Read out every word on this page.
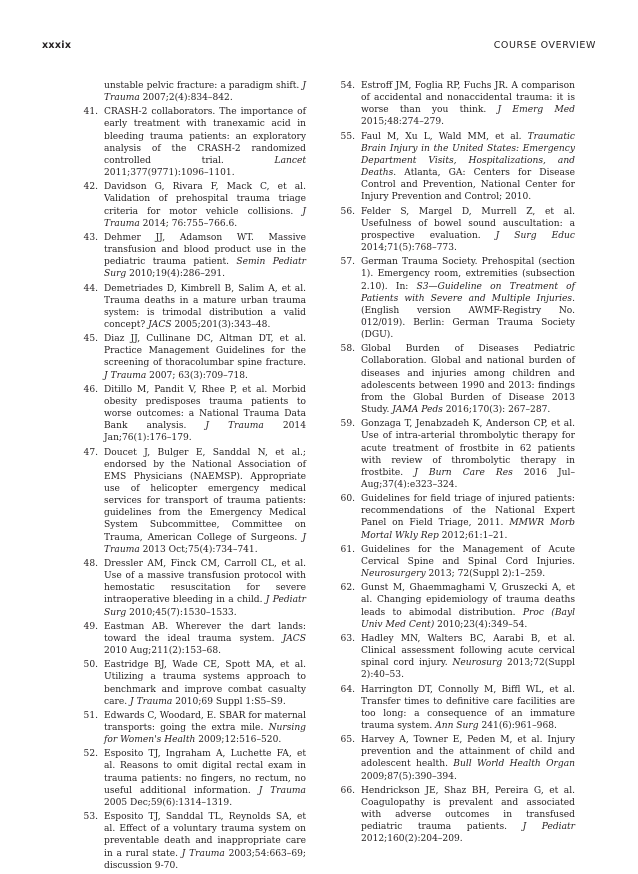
xxxix	COURSE OVERVIEW
unstable pelvic fracture: a paradigm shift. J Trauma 2007;2(4):834–842.
41. CRASH-2 collaborators. The importance of early treatment with tranexamic acid in bleeding trauma patients: an exploratory analysis of the CRASH-2 randomized controlled trial. Lancet 2011;377(9771):1096–1101.
42. Davidson G, Rivara F, Mack C, et al. Validation of prehospital trauma triage criteria for motor vehicle collisions. J Trauma 2014; 76:755–766.6.
43. Dehmer JJ, Adamson WT. Massive transfusion and blood product use in the pediatric trauma patient. Semin Pediatr Surg 2010;19(4):286–291.
44. Demetriades D, Kimbrell B, Salim A, et al. Trauma deaths in a mature urban trauma system: is trimodal distribution a valid concept? JACS 2005;201(3):343–48.
45. Diaz JJ, Cullinane DC, Altman DT, et al. Practice Management Guidelines for the screening of thoracolumbar spine fracture. J Trauma 2007; 63(3):709–718.
46. Ditillo M, Pandit V, Rhee P, et al. Morbid obesity predisposes trauma patients to worse outcomes: a National Trauma Data Bank analysis. J Trauma 2014 Jan;76(1):176–179.
47. Doucet J, Bulger E, Sanddal N, et al.; endorsed by the National Association of EMS Physicians (NAEMSP). Appropriate use of helicopter emergency medical services for transport of trauma patients: guidelines from the Emergency Medical System Subcommittee, Committee on Trauma, American College of Surgeons. J Trauma 2013 Oct;75(4):734–741.
48. Dressler AM, Finck CM, Carroll CL, et al. Use of a massive transfusion protocol with hemostatic resuscitation for severe intraoperative bleeding in a child. J Pediatr Surg 2010;45(7):1530–1533.
49. Eastman AB. Wherever the dart lands: toward the ideal trauma system. JACS 2010 Aug;211(2):153–68.
50. Eastridge BJ, Wade CE, Spott MA, et al. Utilizing a trauma systems approach to benchmark and improve combat casualty care. J Trauma 2010;69 Suppl 1:S5–S9.
51. Edwards C, Woodard, E. SBAR for maternal transports: going the extra mile. Nursing for Women's Health 2009;12:516–520.
52. Esposito TJ, Ingraham A, Luchette FA, et al. Reasons to omit digital rectal exam in trauma patients: no fingers, no rectum, no useful additional information. J Trauma 2005 Dec;59(6):1314–1319.
53. Esposito TJ, Sanddal TL, Reynolds SA, et al. Effect of a voluntary trauma system on preventable death and inappropriate care in a rural state. J Trauma 2003;54:663–69; discussion 9-70.
54. Estroff JM, Foglia RP, Fuchs JR. A comparison of accidental and nonaccidental trauma: it is worse than you think. J Emerg Med 2015;48:274–279.
55. Faul M, Xu L, Wald MM, et al. Traumatic Brain Injury in the United States: Emergency Department Visits, Hospitalizations, and Deaths. Atlanta, GA: Centers for Disease Control and Prevention, National Center for Injury Prevention and Control; 2010.
56. Felder S, Margel D, Murrell Z, et al. Usefulness of bowel sound auscultation: a prospective evaluation. J Surg Educ 2014;71(5):768–773.
57. German Trauma Society. Prehospital (section 1). Emergency room, extremities (subsection 2.10). In: S3—Guideline on Treatment of Patients with Severe and Multiple Injuries. (English version AWMF-Registry No. 012/019). Berlin: German Trauma Society (DGU).
58. Global Burden of Diseases Pediatric Collaboration. Global and national burden of diseases and injuries among children and adolescents between 1990 and 2013: findings from the Global Burden of Disease 2013 Study. JAMA Peds 2016;170(3): 267–287.
59. Gonzaga T, Jenabzadeh K, Anderson CP, et al. Use of intra-arterial thrombolytic therapy for acute treatment of frostbite in 62 patients with review of thrombolytic therapy in frostbite. J Burn Care Res 2016 Jul–Aug;37(4):e323–324.
60. Guidelines for field triage of injured patients: recommendations of the National Expert Panel on Field Triage, 2011. MMWR Morb Mortal Wkly Rep 2012;61:1–21.
61. Guidelines for the Management of Acute Cervical Spine and Spinal Cord Injuries. Neurosurgery 2013; 72(Suppl 2):1–259.
62. Gunst M, Ghaemmaghami V, Gruszecki A, et al. Changing epidemiology of trauma deaths leads to abimodal distribution. Proc (Bayl Univ Med Cent) 2010;23(4):349–54.
63. Hadley MN, Walters BC, Aarabi B, et al. Clinical assessment following acute cervical spinal cord injury. Neurosurg 2013;72(Suppl 2):40–53.
64. Harrington DT, Connolly M, Biffl WL, et al. Transfer times to definitive care facilities are too long: a consequence of an immature trauma system. Ann Surg 241(6):961–968.
65. Harvey A, Towner E, Peden M, et al. Injury prevention and the attainment of child and adolescent health. Bull World Health Organ 2009;87(5):390–394.
66. Hendrickson JE, Shaz BH, Pereira G, et al. Coagulopathy is prevalent and associated with adverse outcomes in transfused pediatric trauma patients. J Pediatr 2012;160(2):204–209.
